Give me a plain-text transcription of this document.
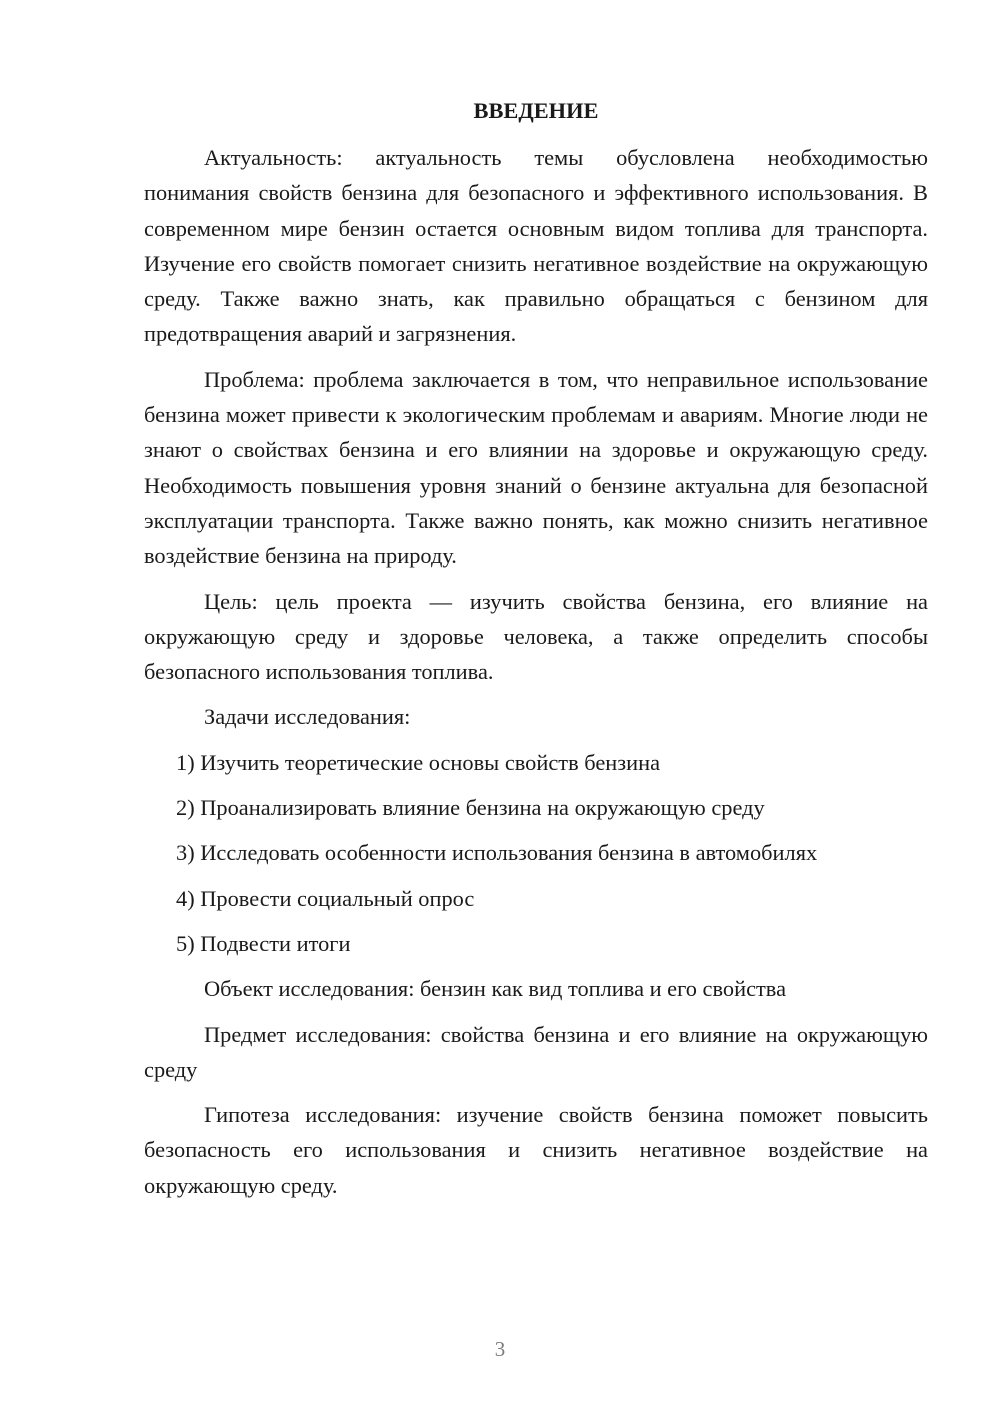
ВВЕДЕНИЕ

Актуальность: актуальность темы обусловлена необходимостью понимания свойств бензина для безопасного и эффективного использования. В современном мире бензин остается основным видом топлива для транспорта. Изучение его свойств помогает снизить негативное воздействие на окружающую среду. Также важно знать, как правильно обращаться с бензином для предотвращения аварий и загрязнения.

Проблема: проблема заключается в том, что неправильное использование бензина может привести к экологическим проблемам и авариям. Многие люди не знают о свойствах бензина и его влиянии на здоровье и окружающую среду. Необходимость повышения уровня знаний о бензине актуальна для безопасной эксплуатации транспорта. Также важно понять, как можно снизить негативное воздействие бензина на природу.

Цель: цель проекта — изучить свойства бензина, его влияние на окружающую среду и здоровье человека, а также определить способы безопасного использования топлива.

Задачи исследования:
1) Изучить теоретические основы свойств бензина
2) Проанализировать влияние бензина на окружающую среду
3) Исследовать особенности использования бензина в автомобилях
4) Провести социальный опрос
5) Подвести итоги

Объект исследования: бензин как вид топлива и его свойства

Предмет исследования: свойства бензина и его влияние на окружающую среду

Гипотеза исследования: изучение свойств бензина поможет повысить безопасность его использования и снизить негативное воздействие на окружающую среду.

3
